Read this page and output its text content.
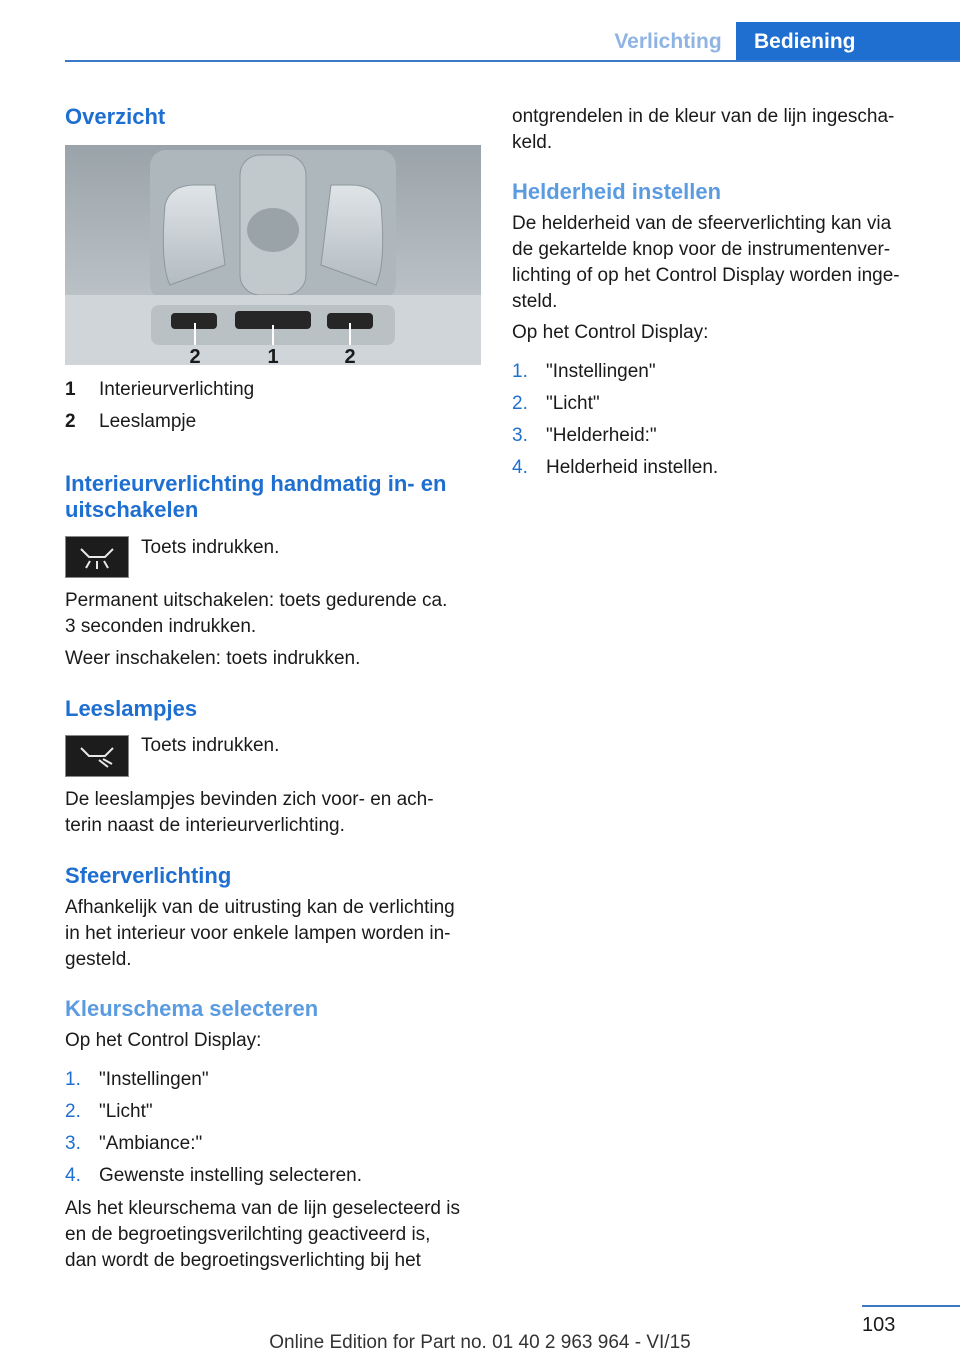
Verlichting	Bediening
Overzicht
2	1	2
1 Interieurverlichting
2 Leeslampje
Interieurverlichting handmatig in- en
uitschakelen
Toets indrukken.
Permanent uitschakelen: toets gedurende ca.
3 seconden indrukken.
Weer inschakelen: toets indrukken.
Leeslampjes
Toets indrukken.
De leeslampjes bevinden zich voor- en ach-
terin naast de interieurverlichting.
Sfeerverlichting
Afhankelijk van de uitrusting kan de verlichting
in het interieur voor enkele lampen worden in-
gesteld.
Kleurschema selecteren
Op het Control Display:
1. "Instellingen"
2. "Licht"
3. "Ambiance:"
4. Gewenste instelling selecteren.
Als het kleurschema van de lijn geselecteerd is
en de begroetingsverilchting geactiveerd is,
dan wordt de begroetingsverlichting bij het
ontgrendelen in de kleur van de lijn ingescha-
keld.
Helderheid instellen
De helderheid van de sfeerverlichting kan via
de gekartelde knop voor de instrumentenver-
lichting of op het Control Display worden inge-
steld.
Op het Control Display:
1. "Instellingen"
2. "Licht"
3. "Helderheid:"
4. Helderheid instellen.
103
Online Edition for Part no. 01 40 2 963 964 - VI/15
